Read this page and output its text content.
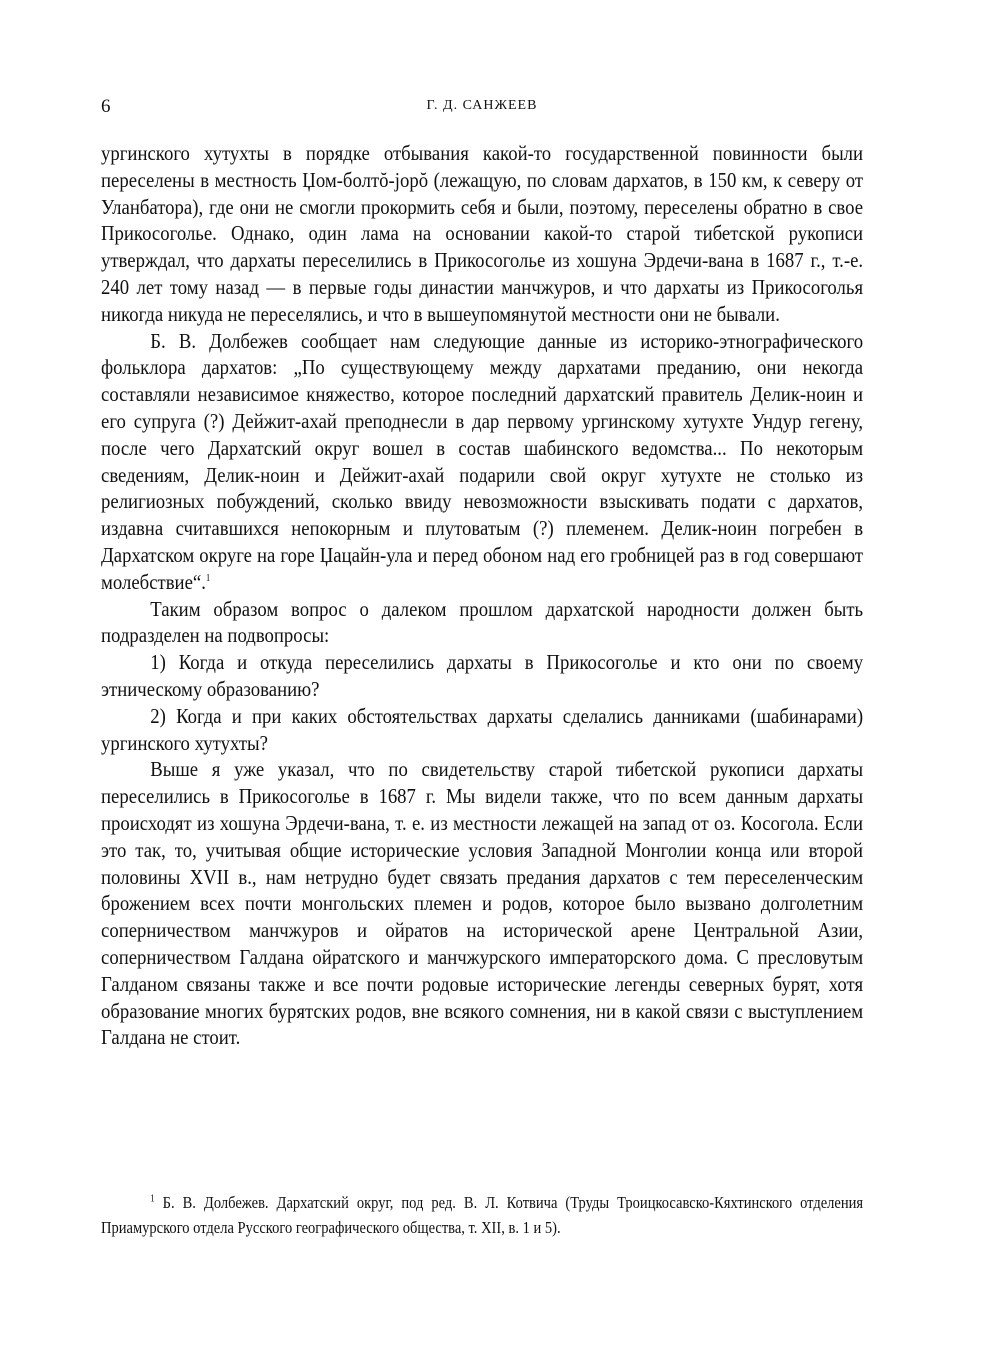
6	Г. Д. САНЖЕЕВ

ургинского хутухты в порядке отбывания какой-то государственной повинности были переселены в местность Џом-болтŏ-јорŏ (лежащую, по словам дархатов, в 150 км, к северу от Уланбатора), где они не смогли прокормить себя и были, поэтому, переселены обратно в свое Прикосоголье. Однако, один лама на основании какой-то старой тибетской рукописи утверждал, что дархаты переселились в Прикосоголье из хошуна Эрдечи-вана в 1687 г., т.-е. 240 лет тому назад — в первые годы династии манчжуров, и что дархаты из Прикосоголья никогда никуда не переселялись, и что в вышеупомянутой местности они не бывали.

Б. В. Долбежев сообщает нам следующие данные из историко-этнографического фольклора дархатов: „По существующему между дархатами преданию, они некогда составляли независимое княжество, которое последний дархатский правитель Делик-ноин и его супруга (?) Дейжит-ахай преподнесли в дар первому ургинскому хутухте Ундур гегену, после чего Дархатский округ вошел в состав шабинского ведомства... По некоторым сведениям, Делик-ноин и Дейжит-ахай подарили свой округ хутухте не столько из религиозных побуждений, сколько ввиду невозможности взыскивать подати с дархатов, издавна считавшихся непокорным и плутоватым (?) племенем. Делик-ноин погребен в Дархатском округе на горе Џацайн-ула и перед обоном над его гробницей раз в год совершают молебствие“.$^1$

Таким образом вопрос о далеком прошлом дархатской народности должен быть подразделен на подвопросы:

1) Когда и откуда переселились дархаты в Прикосоголье и кто они по своему этническому образованию?

2) Когда и при каких обстоятельствах дархаты сделались данниками (шабинарами) ургинского хутухты?

Выше я уже указал, что по свидетельству старой тибетской рукописи дархаты переселились в Прикосоголье в 1687 г. Мы видели также, что по всем данным дархаты происходят из хошуна Эрдечи-вана, т. е. из местности лежащей на запад от оз. Косогола. Если это так, то, учитывая общие исторические условия Западной Монголии конца или второй половины XVII в., нам нетрудно будет связать предания дархатов с тем переселенческим брожением всех почти монгольских племен и родов, которое было вызвано долголетним соперничеством манчжуров и ойратов на исторической арене Центральной Азии, соперничеством Галдана ойратского и манчжурского императорского дома. С пресловутым Галданом связаны также и все почти родовые исторические легенды северных бурят, хотя образование многих бурятских родов, вне всякого сомнения, ни в какой связи с выступлением Галдана не стоит.

$^1$ Б. В. Долбежев. Дархатский округ, под ред. В. Л. Котвича (Труды Троицкосавско-Кяхтинского отделения Приамурского отдела Русского географического общества, т. XII, в. 1 и 5).
